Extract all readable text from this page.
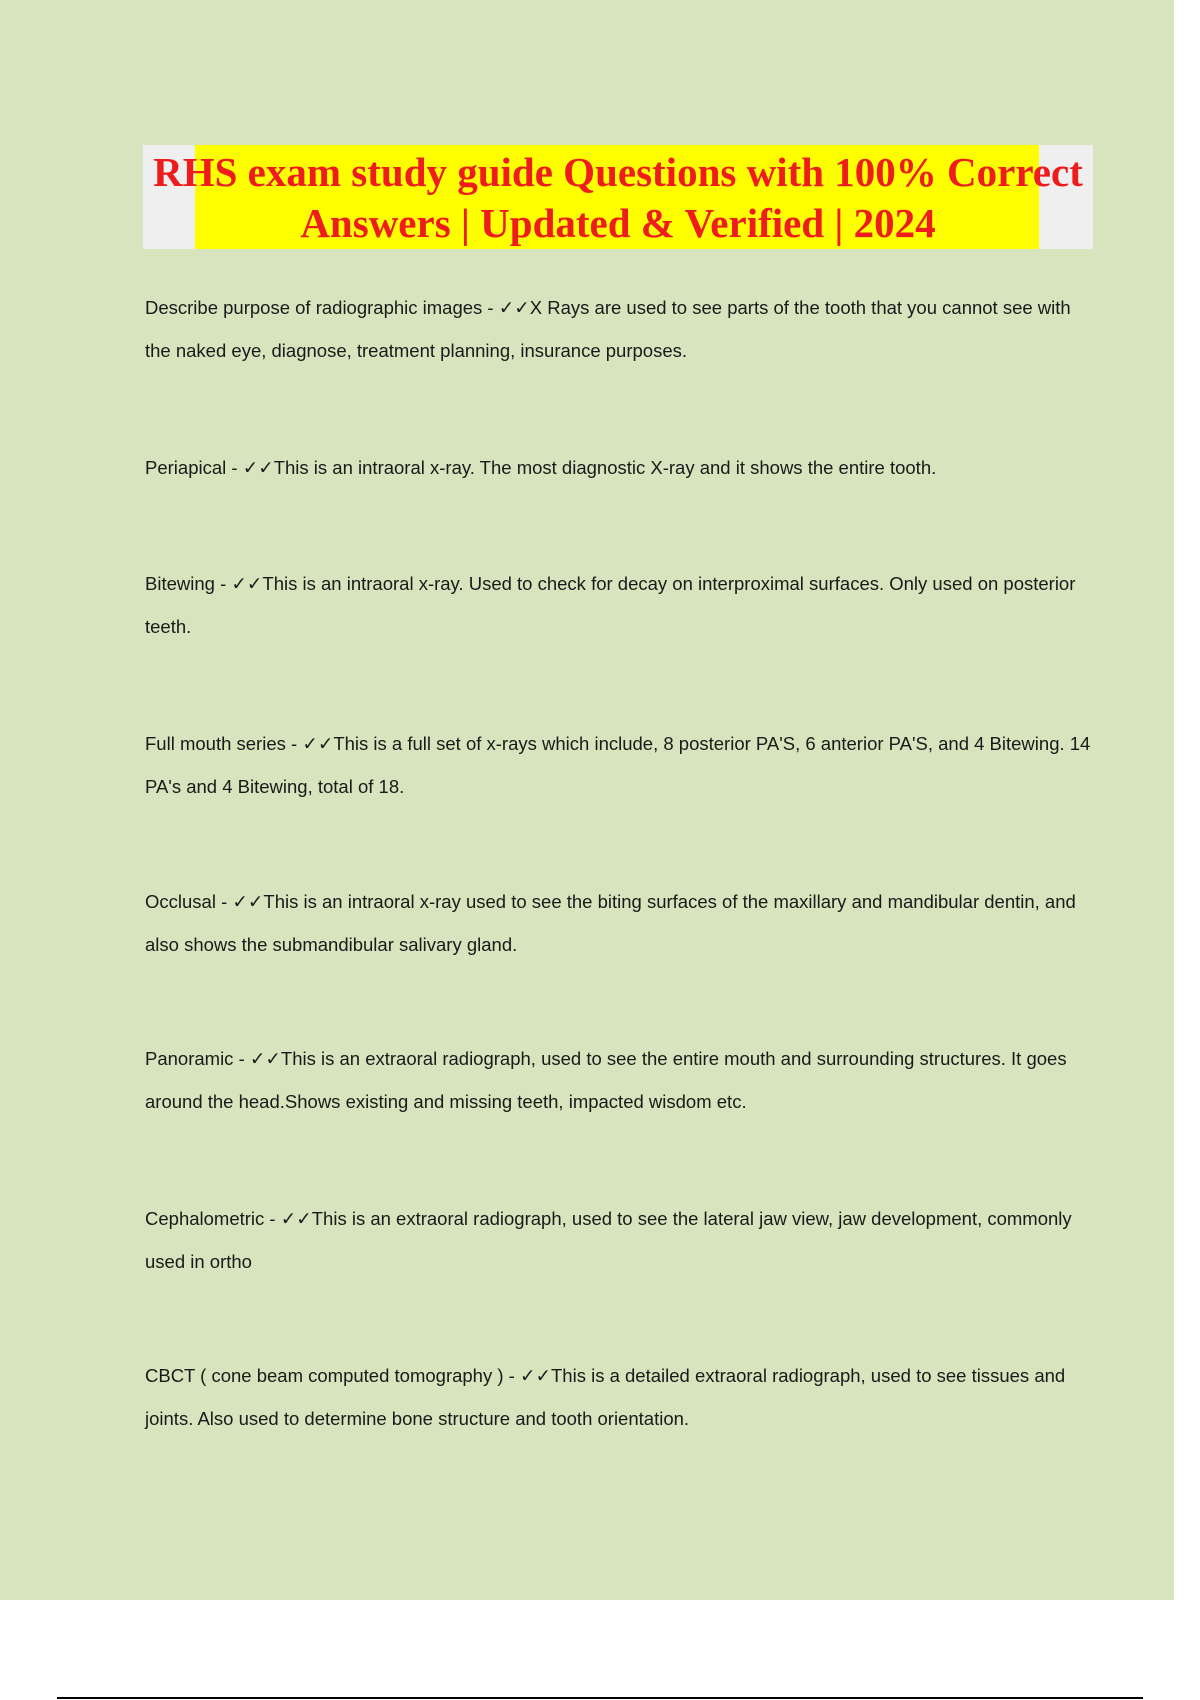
RHS exam study guide Questions with 100% Correct Answers | Updated & Verified | 2024

Describe purpose of radiographic images - ✓✓X Rays are used to see parts of the tooth that you cannot see with the naked eye, diagnose, treatment planning, insurance purposes.

Periapical - ✓✓This is an intraoral x-ray. The most diagnostic X-ray and it shows the entire tooth.

Bitewing - ✓✓This is an intraoral x-ray. Used to check for decay on interproximal surfaces. Only used on posterior teeth.

Full mouth series - ✓✓This is a full set of x-rays which include, 8 posterior PA'S, 6 anterior PA'S, and 4 Bitewing. 14 PA's and 4 Bitewing, total of 18.

Occlusal - ✓✓This is an intraoral x-ray used to see the biting surfaces of the maxillary and mandibular dentin, and also shows the submandibular salivary gland.

Panoramic - ✓✓This is an extraoral radiograph, used to see the entire mouth and surrounding structures. It goes around the head.Shows existing and missing teeth, impacted wisdom etc.

Cephalometric - ✓✓This is an extraoral radiograph, used to see the lateral jaw view, jaw development, commonly used in ortho

CBCT ( cone beam computed tomography ) - ✓✓This is a detailed extraoral radiograph, used to see tissues and joints. Also used to determine bone structure and tooth orientation.
